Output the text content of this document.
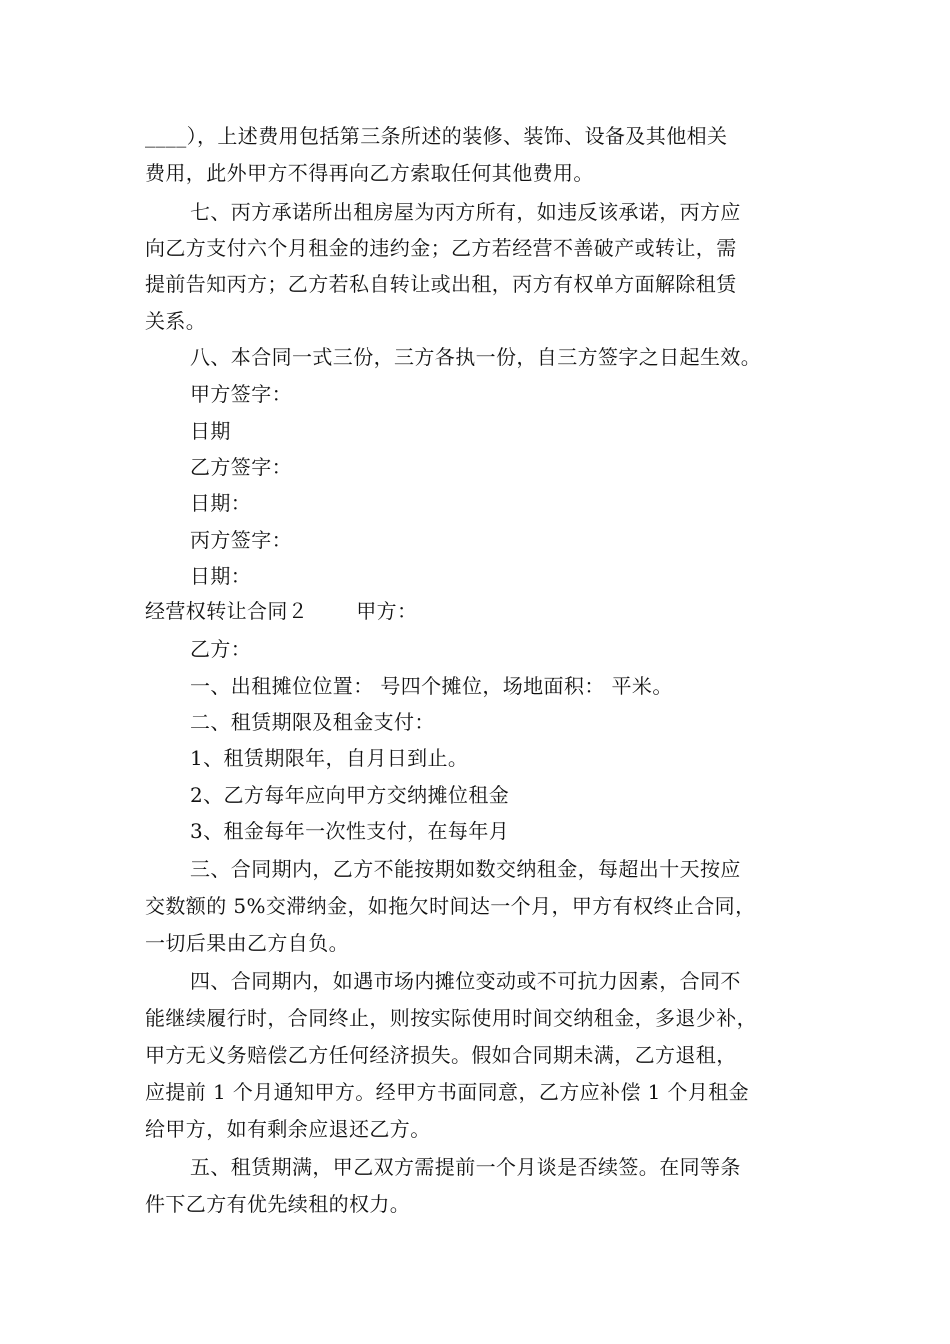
____），上述费用包括第三条所述的装修、装饰、设备及其他相关
费用，此外甲方不得再向乙方索取任何其他费用。
七、丙方承诺所出租房屋为丙方所有，如违反该承诺，丙方应
向乙方支付六个月租金的违约金；乙方若经营不善破产或转让，需
提前告知丙方；乙方若私自转让或出租，丙方有权单方面解除租赁
关系。
八、本合同一式三份，三方各执一份，自三方签字之日起生效。
甲方签字：
日期
乙方签字：
日期：
丙方签字：
日期：
经营权转让合同２ 甲方：
乙方：
一、出租摊位位置： 号四个摊位，场地面积： 平米。
二、租赁期限及租金支付：
1、租赁期限年，自月日到止。
2、乙方每年应向甲方交纳摊位租金
3、租金每年一次性支付，在每年月
三、合同期内，乙方不能按期如数交纳租金，每超出十天按应
交数额的 5%交滞纳金，如拖欠时间达一个月，甲方有权终止合同，
一切后果由乙方自负。
四、合同期内，如遇市场内摊位变动或不可抗力因素，合同不
能继续履行时，合同终止，则按实际使用时间交纳租金，多退少补，
甲方无义务赔偿乙方任何经济损失。假如合同期未满，乙方退租，
应提前 1 个月通知甲方。经甲方书面同意，乙方应补偿 1 个月租金
给甲方，如有剩余应退还乙方。
五、租赁期满，甲乙双方需提前一个月谈是否续签。在同等条
件下乙方有优先续租的权力。
